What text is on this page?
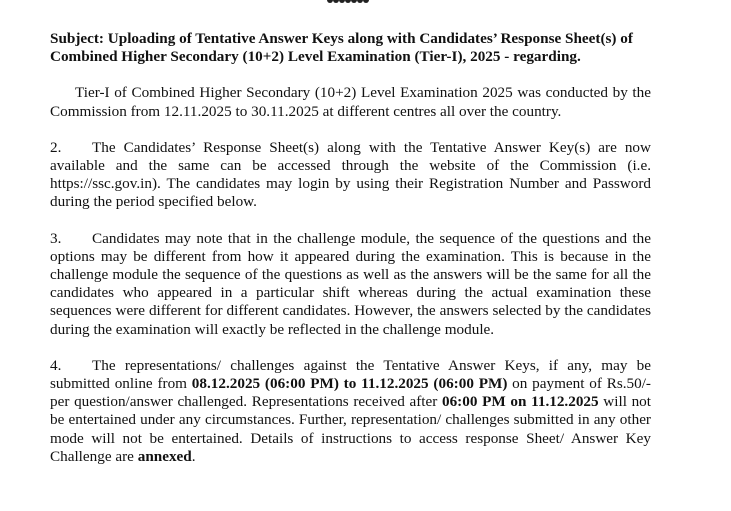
Subject: Uploading of Tentative Answer Keys along with Candidates’ Response Sheet(s) of Combined Higher Secondary (10+2) Level Examination (Tier-I), 2025 - regarding.

Tier-I of Combined Higher Secondary (10+2) Level Examination 2025 was conducted by the Commission from 12.11.2025 to 30.11.2025 at different centres all over the country.

2. The Candidates’ Response Sheet(s) along with the Tentative Answer Key(s) are now available and the same can be accessed through the website of the Commission (i.e. https://ssc.gov.in). The candidates may login by using their Registration Number and Password during the period specified below.

3. Candidates may note that in the challenge module, the sequence of the questions and the options may be different from how it appeared during the examination. This is because in the challenge module the sequence of the questions as well as the answers will be the same for all the candidates who appeared in a particular shift whereas during the actual examination these sequences were different for different candidates. However, the answers selected by the candidates during the examination will exactly be reflected in the challenge module.

4. The representations/ challenges against the Tentative Answer Keys, if any, may be submitted online from 08.12.2025 (06:00 PM) to 11.12.2025 (06:00 PM) on payment of Rs.50/-per question/answer challenged. Representations received after 06:00 PM on 11.12.2025 will not be entertained under any circumstances. Further, representation/ challenges submitted in any other mode will not be entertained. Details of instructions to access response Sheet/ Answer Key Challenge are annexed.
